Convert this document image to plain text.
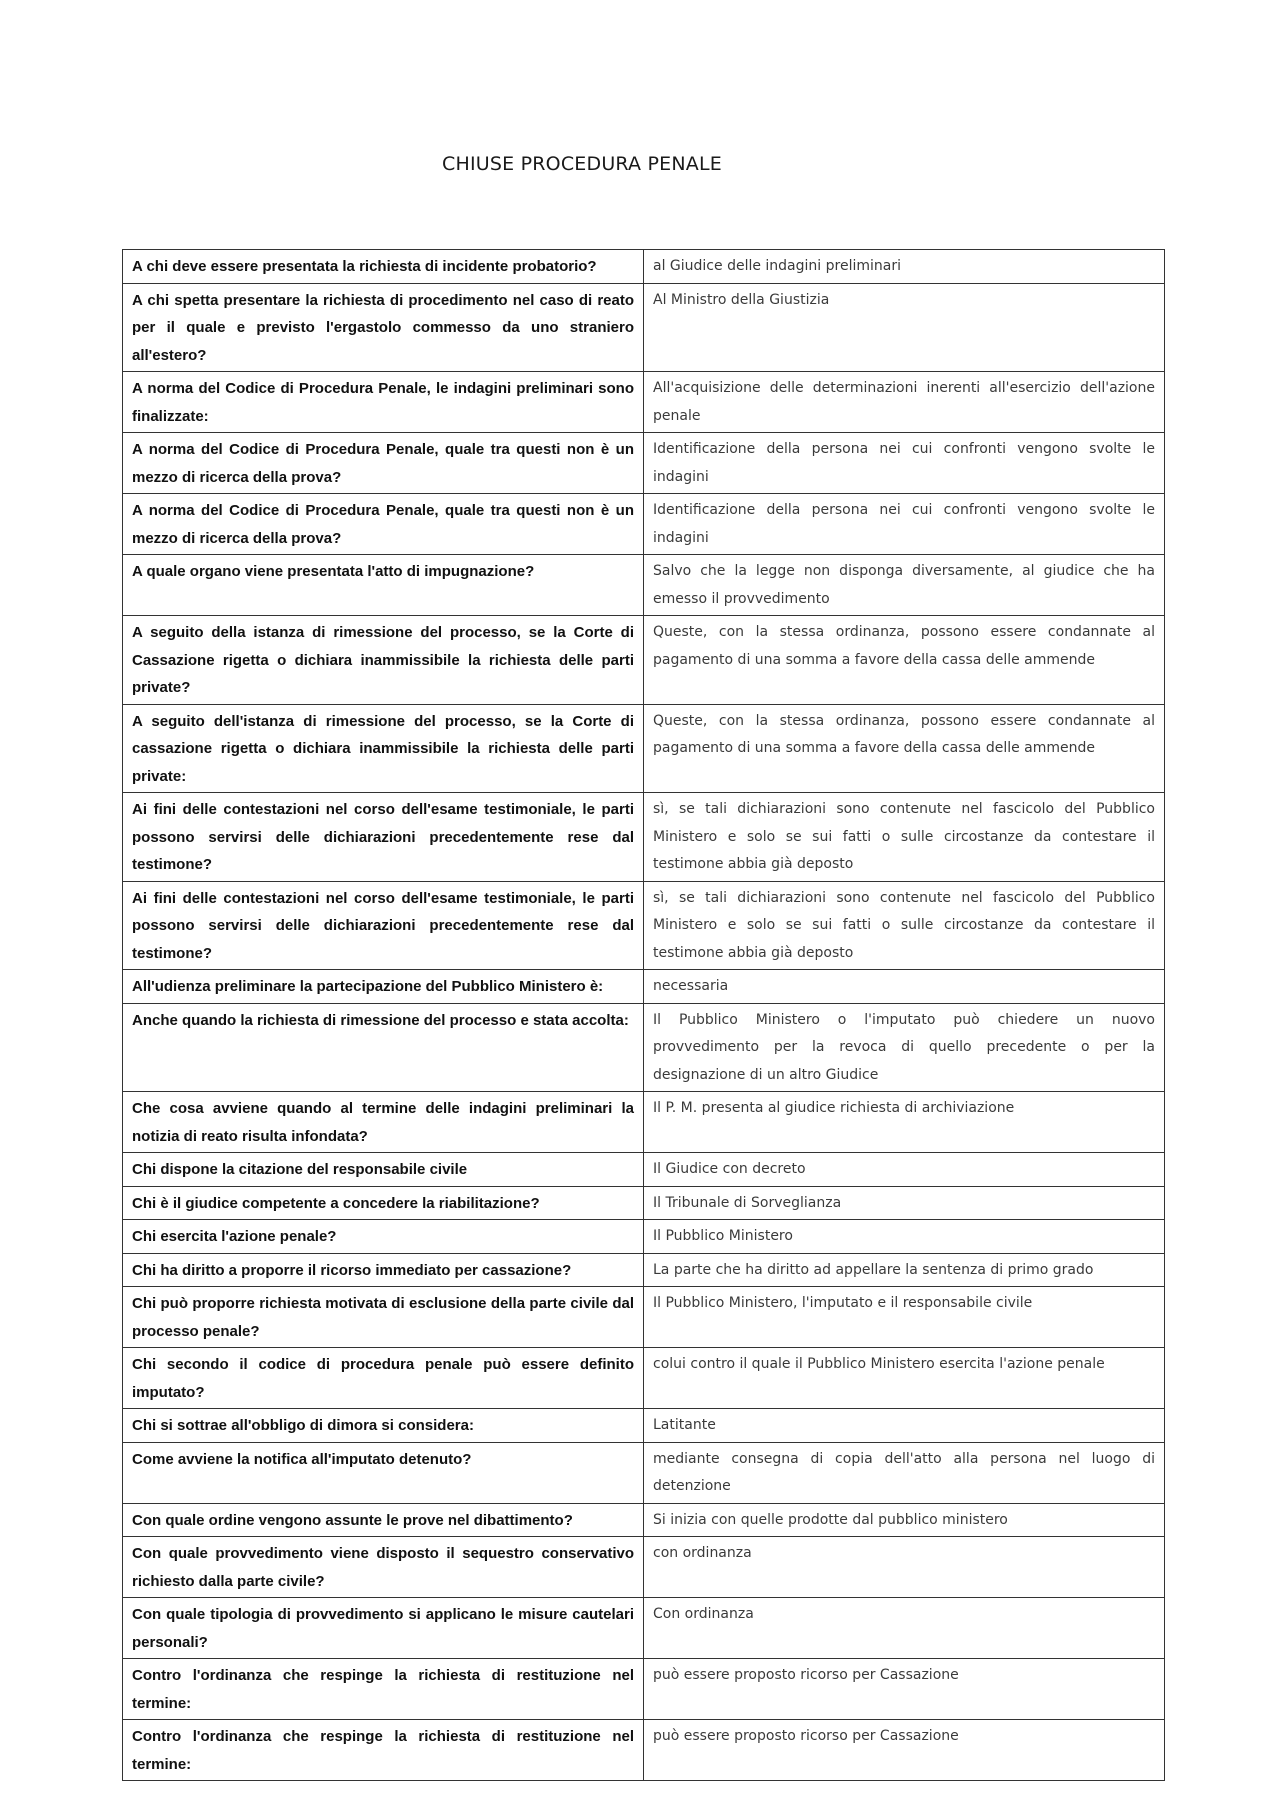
CHIUSE PROCEDURA PENALE
A chi deve essere presentata la richiesta di incidente probatorio?	al Giudice delle indagini preliminari
A chi spetta presentare la richiesta di procedimento nel caso di reato per il quale e previsto l'ergastolo commesso da uno straniero all'estero?	Al Ministro della Giustizia
A norma del Codice di Procedura Penale, le indagini preliminari sono finalizzate:	All'acquisizione delle determinazioni inerenti all'esercizio dell'azione penale
A norma del Codice di Procedura Penale, quale tra questi non è un mezzo di ricerca della prova?	Identificazione della persona nei cui confronti vengono svolte le indagini
A norma del Codice di Procedura Penale, quale tra questi non è un mezzo di ricerca della prova?	Identificazione della persona nei cui confronti vengono svolte le indagini
A quale organo viene presentata l'atto di impugnazione?	Salvo che la legge non disponga diversamente, al giudice che ha emesso il provvedimento
A seguito della istanza di rimessione del processo, se la Corte di Cassazione rigetta o dichiara inammissibile la richiesta delle parti private?	Queste, con la stessa ordinanza, possono essere condannate al pagamento di una somma a favore della cassa delle ammende
A seguito dell'istanza di rimessione del processo, se la Corte di cassazione rigetta o dichiara inammissibile la richiesta delle parti private:	Queste, con la stessa ordinanza, possono essere condannate al pagamento di una somma a favore della cassa delle ammende
Ai fini delle contestazioni nel corso dell'esame testimoniale, le parti possono servirsi delle dichiarazioni precedentemente rese dal testimone?	sì, se tali dichiarazioni sono contenute nel fascicolo del Pubblico Ministero e solo se sui fatti o sulle circostanze da contestare il testimone abbia già deposto
Ai fini delle contestazioni nel corso dell'esame testimoniale, le parti possono servirsi delle dichiarazioni precedentemente rese dal testimone?	sì, se tali dichiarazioni sono contenute nel fascicolo del Pubblico Ministero e solo se sui fatti o sulle circostanze da contestare il testimone abbia già deposto
All'udienza preliminare la partecipazione del Pubblico Ministero è:	necessaria
Anche quando la richiesta di rimessione del processo e stata accolta:	Il Pubblico Ministero o l'imputato può chiedere un nuovo provvedimento per la revoca di quello precedente o per la designazione di un altro Giudice
Che cosa avviene quando al termine delle indagini preliminari la notizia di reato risulta infondata?	Il P. M. presenta al giudice richiesta di archiviazione
Chi dispone la citazione del responsabile civile	Il Giudice con decreto
Chi è il giudice competente a concedere la riabilitazione?	Il Tribunale di Sorveglianza
Chi esercita l'azione penale?	Il Pubblico Ministero
Chi ha diritto a proporre il ricorso immediato per cassazione?	La parte che ha diritto ad appellare la sentenza di primo grado
Chi può proporre richiesta motivata di esclusione della parte civile dal processo penale?	Il Pubblico Ministero, l'imputato e il responsabile civile
Chi secondo il codice di procedura penale può essere definito imputato?	colui contro il quale il Pubblico Ministero esercita l'azione penale
Chi si sottrae all'obbligo di dimora si considera:	Latitante
Come avviene la notifica all'imputato detenuto?	mediante consegna di copia dell'atto alla persona nel luogo di detenzione
Con quale ordine vengono assunte le prove nel dibattimento?	Si inizia con quelle prodotte dal pubblico ministero
Con quale provvedimento viene disposto il sequestro conservativo richiesto dalla parte civile?	con ordinanza
Con quale tipologia di provvedimento si applicano le misure cautelari personali?	Con ordinanza
Contro l'ordinanza che respinge la richiesta di restituzione nel termine:	può essere proposto ricorso per Cassazione
Contro l'ordinanza che respinge la richiesta di restituzione nel termine:	può essere proposto ricorso per Cassazione
